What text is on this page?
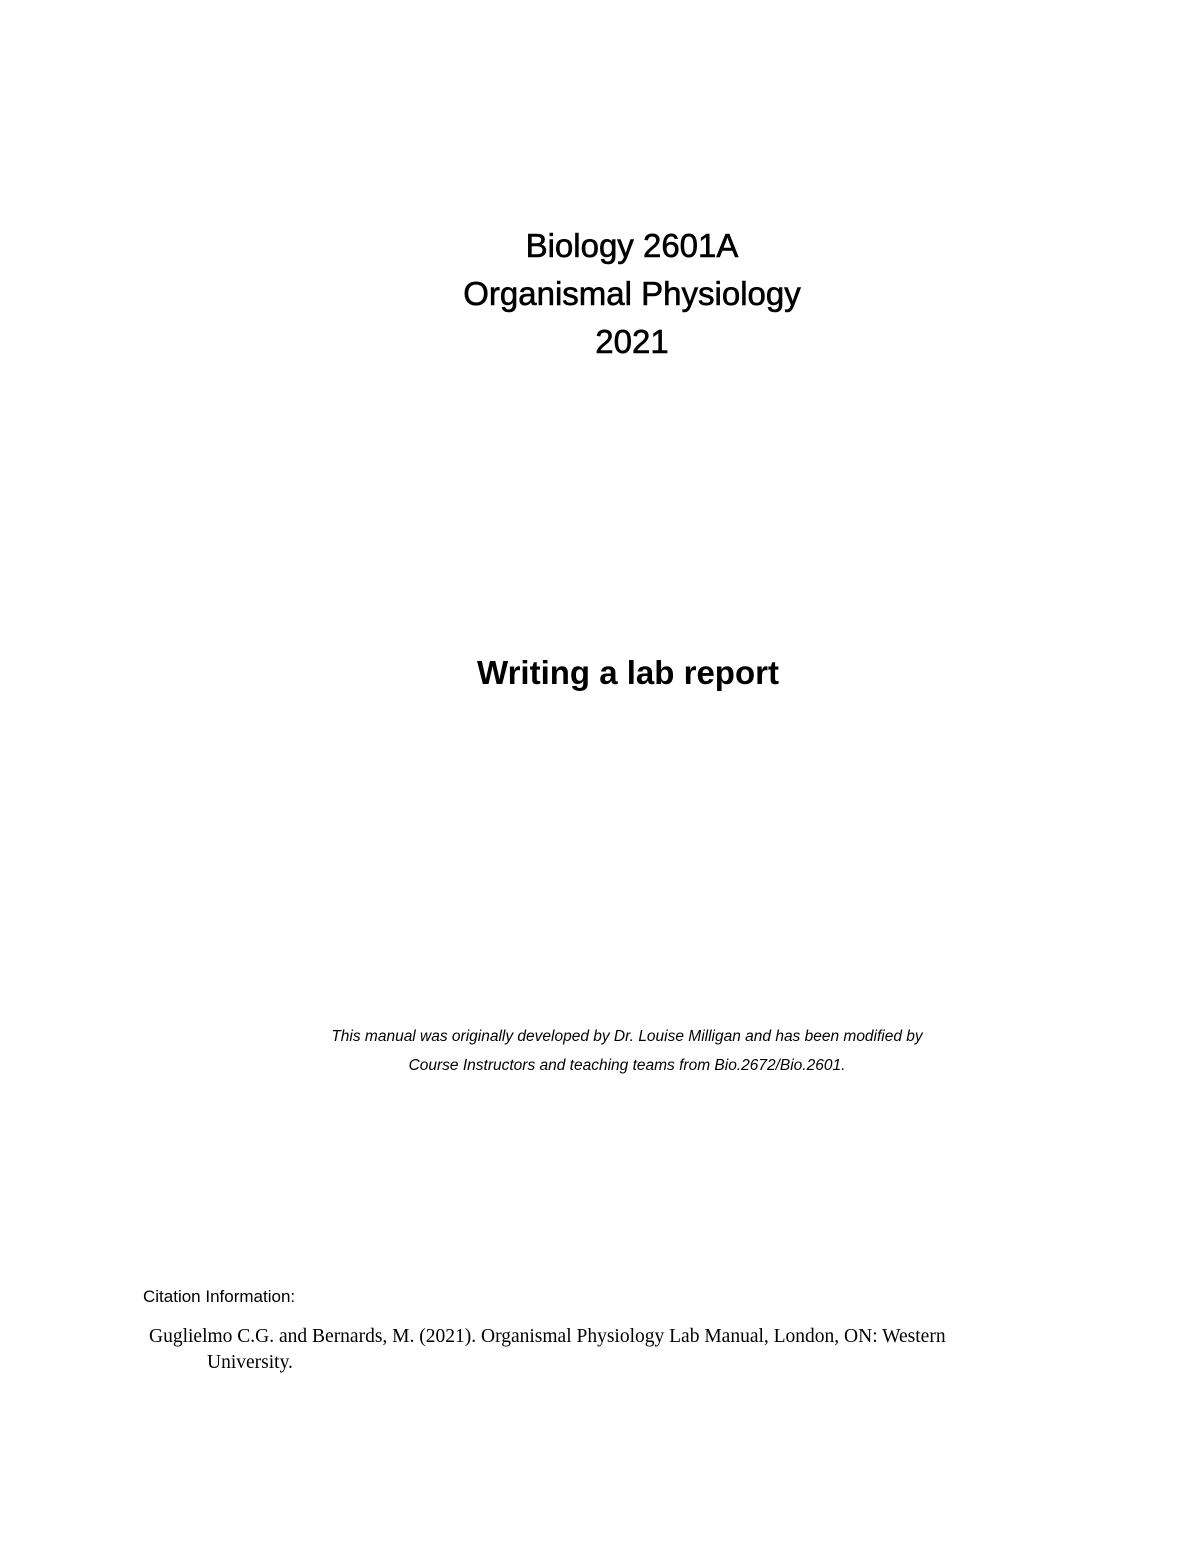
Biology 2601A
Organismal Physiology
2021
Writing a lab report
This manual was originally developed by Dr. Louise Milligan and has been modified by
Course Instructors and teaching teams from Bio.2672/Bio.2601.
Citation Information:
Guglielmo C.G. and Bernards, M. (2021). Organismal Physiology Lab Manual, London, ON: Western
University.
